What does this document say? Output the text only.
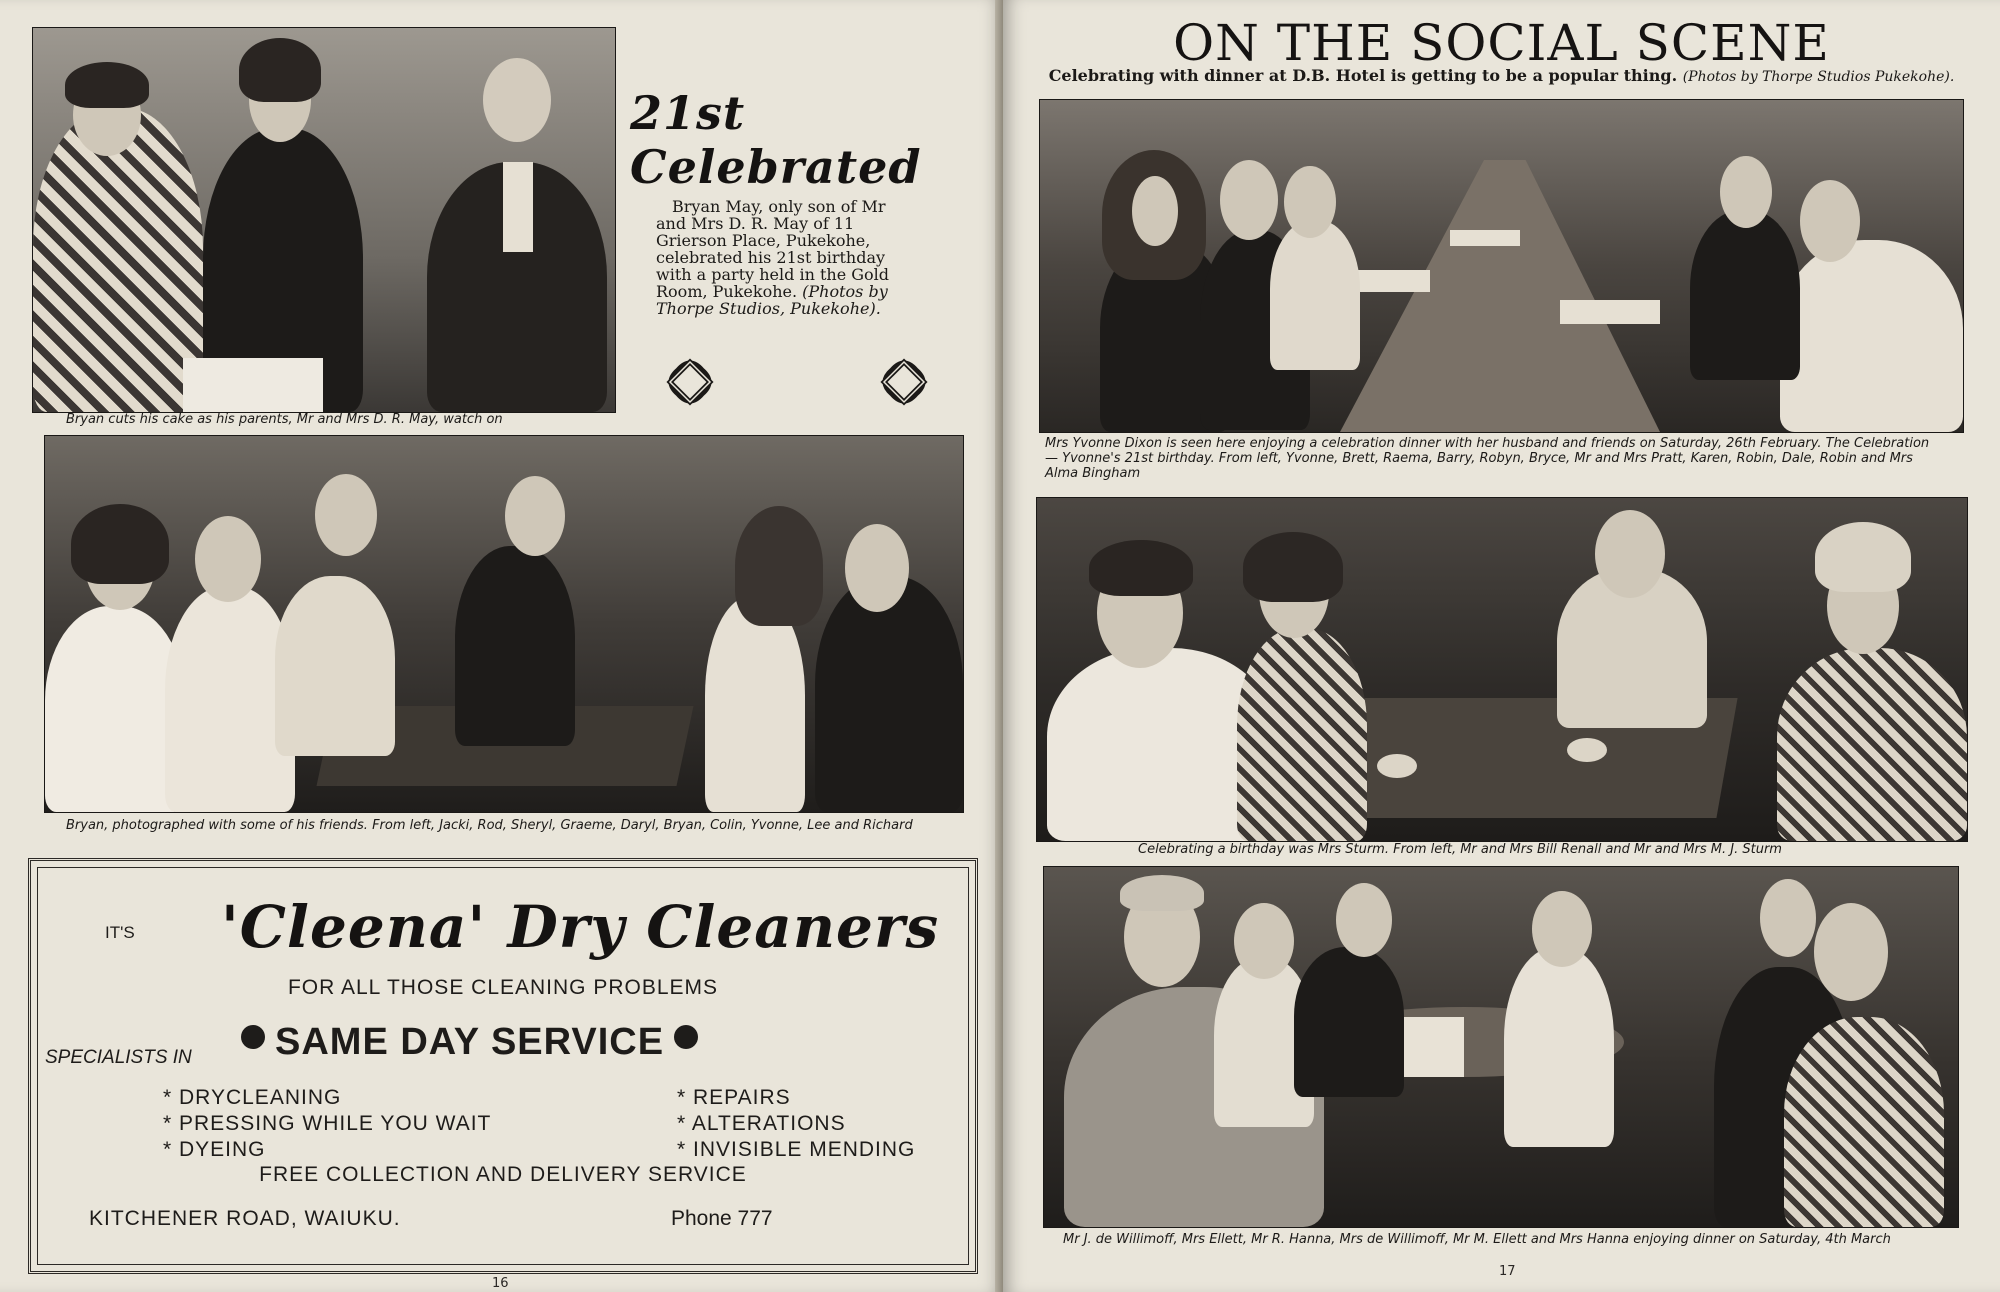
Bryan cuts his cake as his parents, Mr and Mrs D. R. May, watch on
21st Celebrated
Bryan May, only son of Mr and Mrs D. R. May of 11 Grierson Place, Pukekohe, celebrated his 21st birthday with a party held in the Gold Room, Pukekohe. (Photos by Thorpe Studios, Pukekohe).
Bryan, photographed with some of his friends. From left, Jacki, Rod, Sheryl, Graeme, Daryl, Bryan, Colin, Yvonne, Lee and Richard
IT'S 'Cleena' Dry Cleaners
FOR ALL THOSE CLEANING PROBLEMS
SPECIALISTS IN	SAME DAY SERVICE
* DRYCLEANING
* PRESSING WHILE YOU WAIT
* DYEING
* REPAIRS
* ALTERATIONS
* INVISIBLE MENDING
FREE COLLECTION AND DELIVERY SERVICE
KITCHENER ROAD, WAIUKU.	Phone 777
16
ON THE SOCIAL SCENE
Celebrating with dinner at D.B. Hotel is getting to be a popular thing. (Photos by Thorpe Studios Pukekohe).
Mrs Yvonne Dixon is seen here enjoying a celebration dinner with her husband and friends on Saturday, 26th February. The Celebration — Yvonne's 21st birthday. From left, Yvonne, Brett, Raema, Barry, Robyn, Bryce, Mr and Mrs Pratt, Karen, Robin, Dale, Robin and Mrs Alma Bingham
Celebrating a birthday was Mrs Sturm. From left, Mr and Mrs Bill Renall and Mr and Mrs M. J. Sturm
Mr J. de Willimoff, Mrs Ellett, Mr R. Hanna, Mrs de Willimoff, Mr M. Ellett and Mrs Hanna enjoying dinner on Saturday, 4th March
17
